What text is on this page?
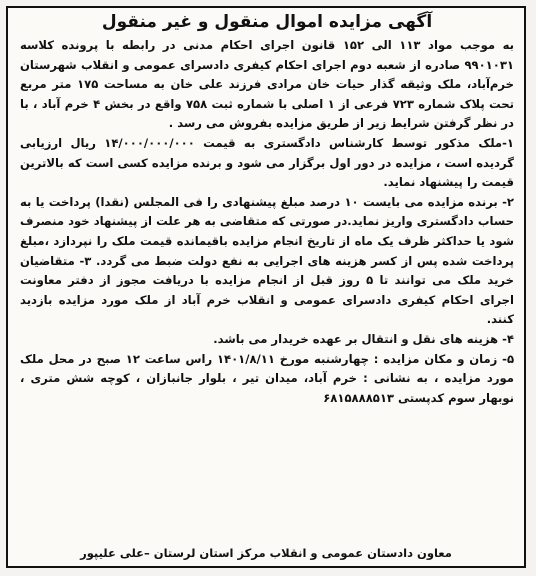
آگهی مزایده اموال منقول و غیر منقول

به موجب مواد ۱۱۳ الی ۱۵۲ قانون اجرای احکام مدنی در رابطه با پرونده کلاسه ۹۹۰۱۰۳۱ صادره از شعبه دوم اجرای احکام کیفری دادسرای عمومی و انقلاب شهرستان خرم‌آباد، ملک وثیقه گذار حیات خان مرادی فرزند علی خان به مساحت ۱۷۵ متر مربع تحت پلاک شماره ۷۲۳ فرعی از ۱ اصلی با شماره ثبت ۷۵۸ واقع در بخش ۴ خرم آباد ، با در نظر گرفتن شرایط زیر از طریق مزایده بفروش می رسد .

۱-ملک مذکور توسط کارشناس دادگستری به قیمت ۱۴/۰۰۰/۰۰۰/۰۰۰ ریال ارزیابی گردیده است ، مزایده در دور اول برگزار می شود و برنده مزایده کسی است که بالاترین قیمت را پیشنهاد نماید.

۲- برنده مزایده می بایست ۱۰ درصد مبلغ پیشنهادی را فی المجلس (نقدا) پرداخت یا به حساب دادگستری واریز نماید.در صورتی که متقاضی به هر علت از پیشنهاد خود منصرف شود یا حداکثر ظرف یک ماه از تاریخ انجام مزایده باقیمانده قیمت ملک را نپردازد ،مبلغ پرداخت شده پس از کسر هزینه های اجرایی به نفع دولت ضبط می گردد. ۳- متقاضیان خرید ملک می توانند تا ۵ روز قبل از انجام مزایده با دریافت مجوز از دفتر معاونت اجرای احکام کیفری دادسرای عمومی و انقلاب خرم آباد از ملک مورد مزایده بازدید کنند.

۴- هزینه های نقل و انتقال بر عهده خریدار می باشد.

۵- زمان و مکان مزایده : چهارشنبه مورخ ۱۴۰۱/۸/۱۱ راس ساعت ۱۲ صبح در محل ملک مورد مزایده ، به نشانی : خرم آباد، میدان تیر ، بلوار جانبازان ، کوچه شش متری ، نوبهار سوم کدپستی ۶۸۱۵۸۸۸۵۱۳

معاون دادستان عمومی و انقلاب مرکز استان لرستان –علی علیپور
